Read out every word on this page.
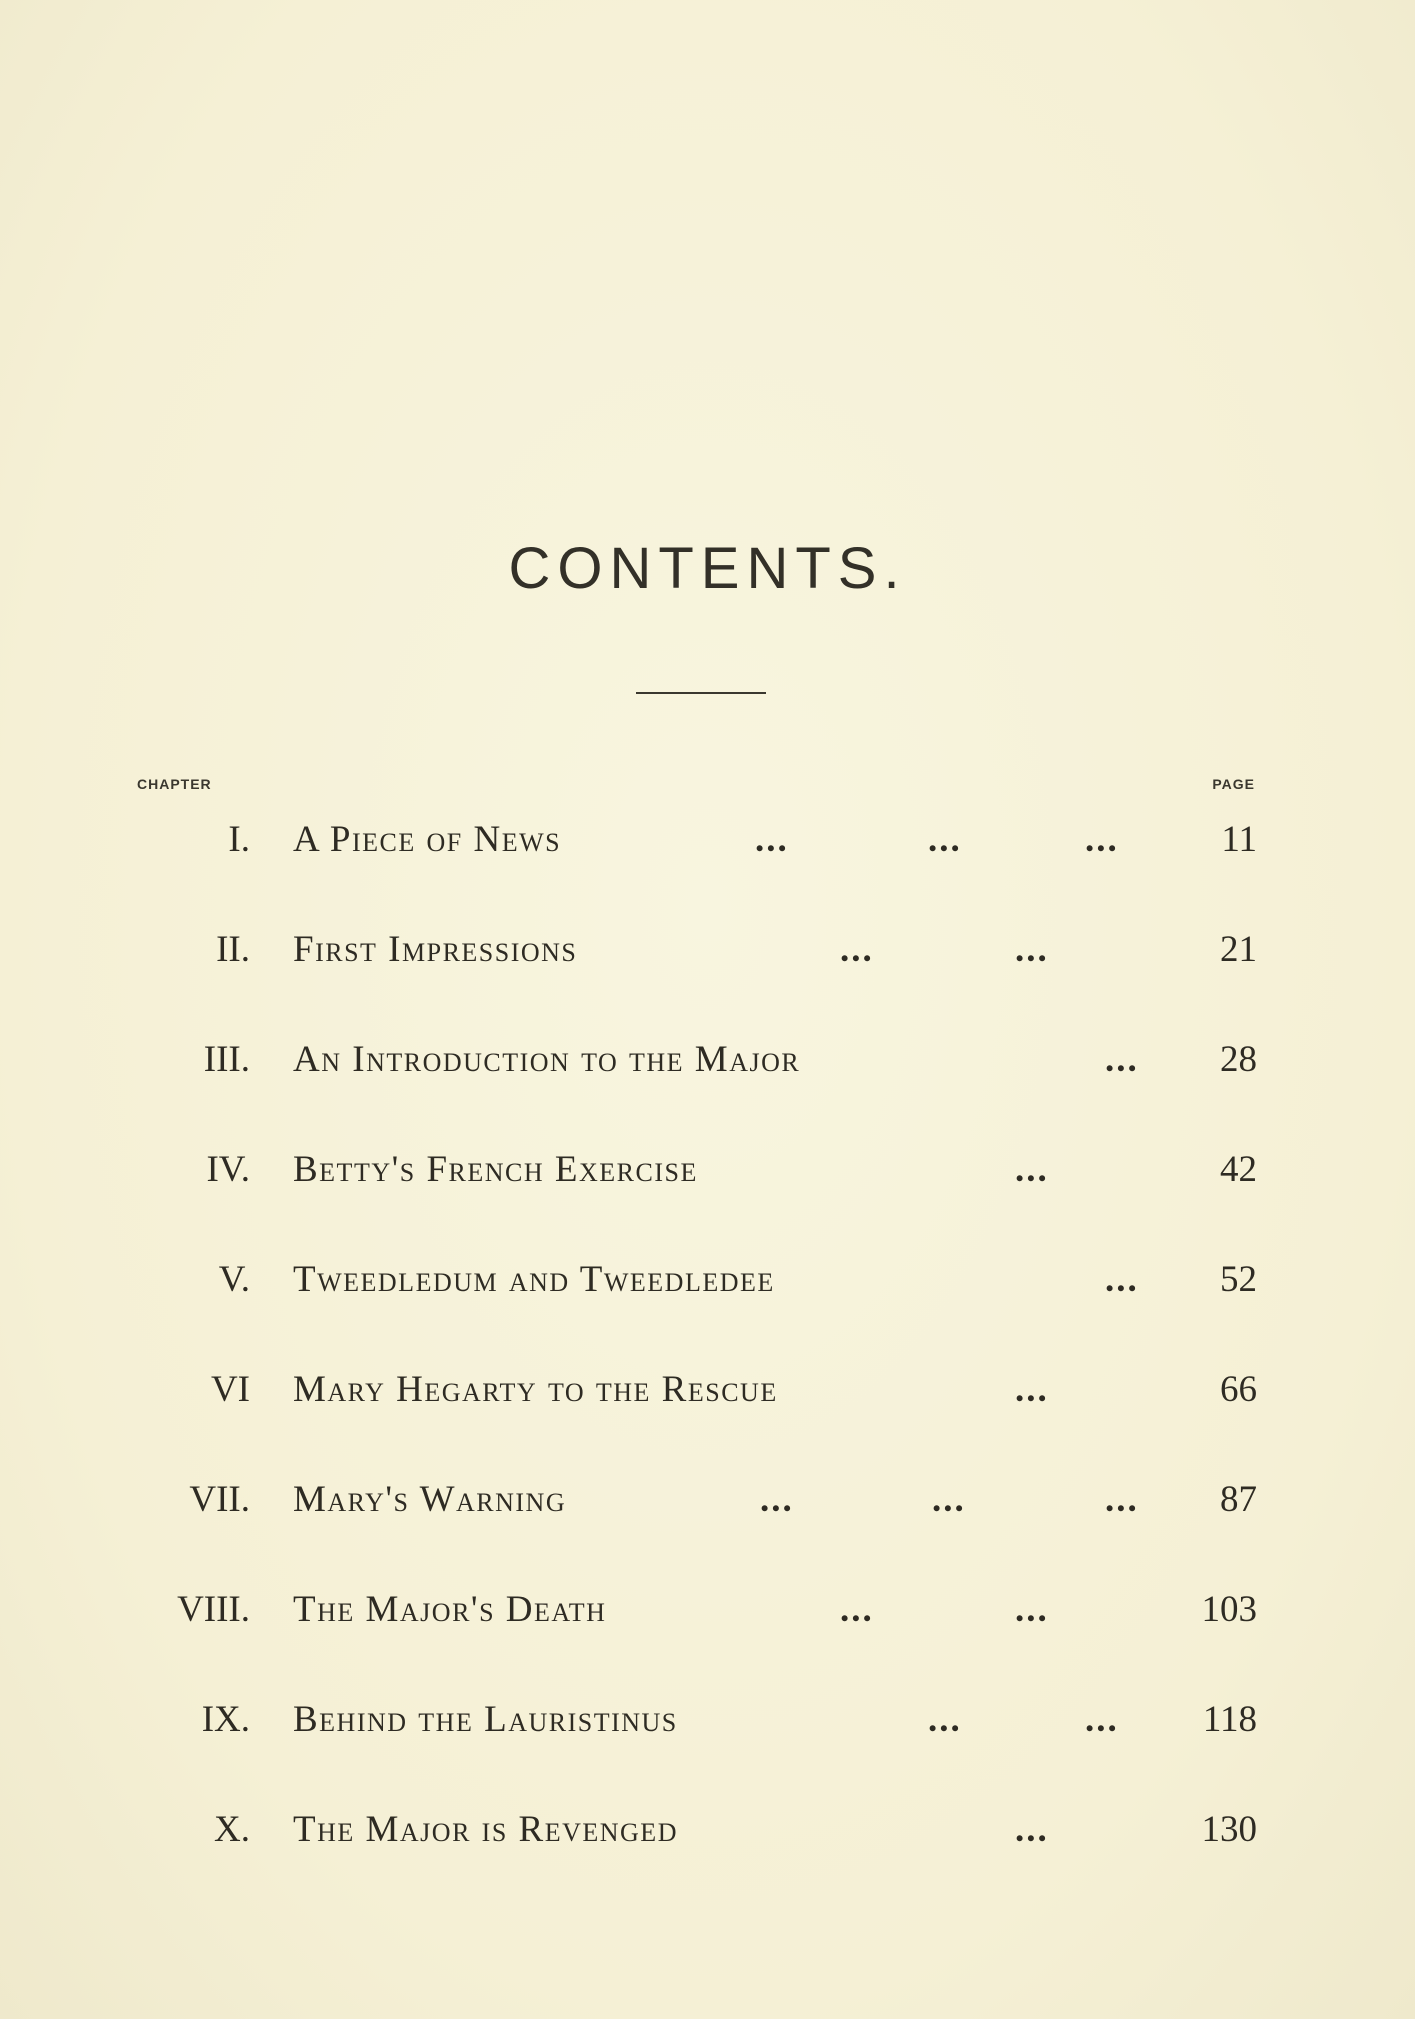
CONTENTS.
CHAPTER	PAGE
I. A Piece of News	...	...	...	11
II. First Impressions	...	...	21
III. An Introduction to the Major	... 28
IV. Betty's French Exercise	...	42
V. Tweedledum and Tweedledee	... 52
VI Mary Hegarty to the Rescue	...	66
VII. Mary's Warning	...	...	... 87
VIII. The Major's Death	...	...	103
IX. Behind the Lauristinus	...	... 118
X. The Major is Revenged	...	130
